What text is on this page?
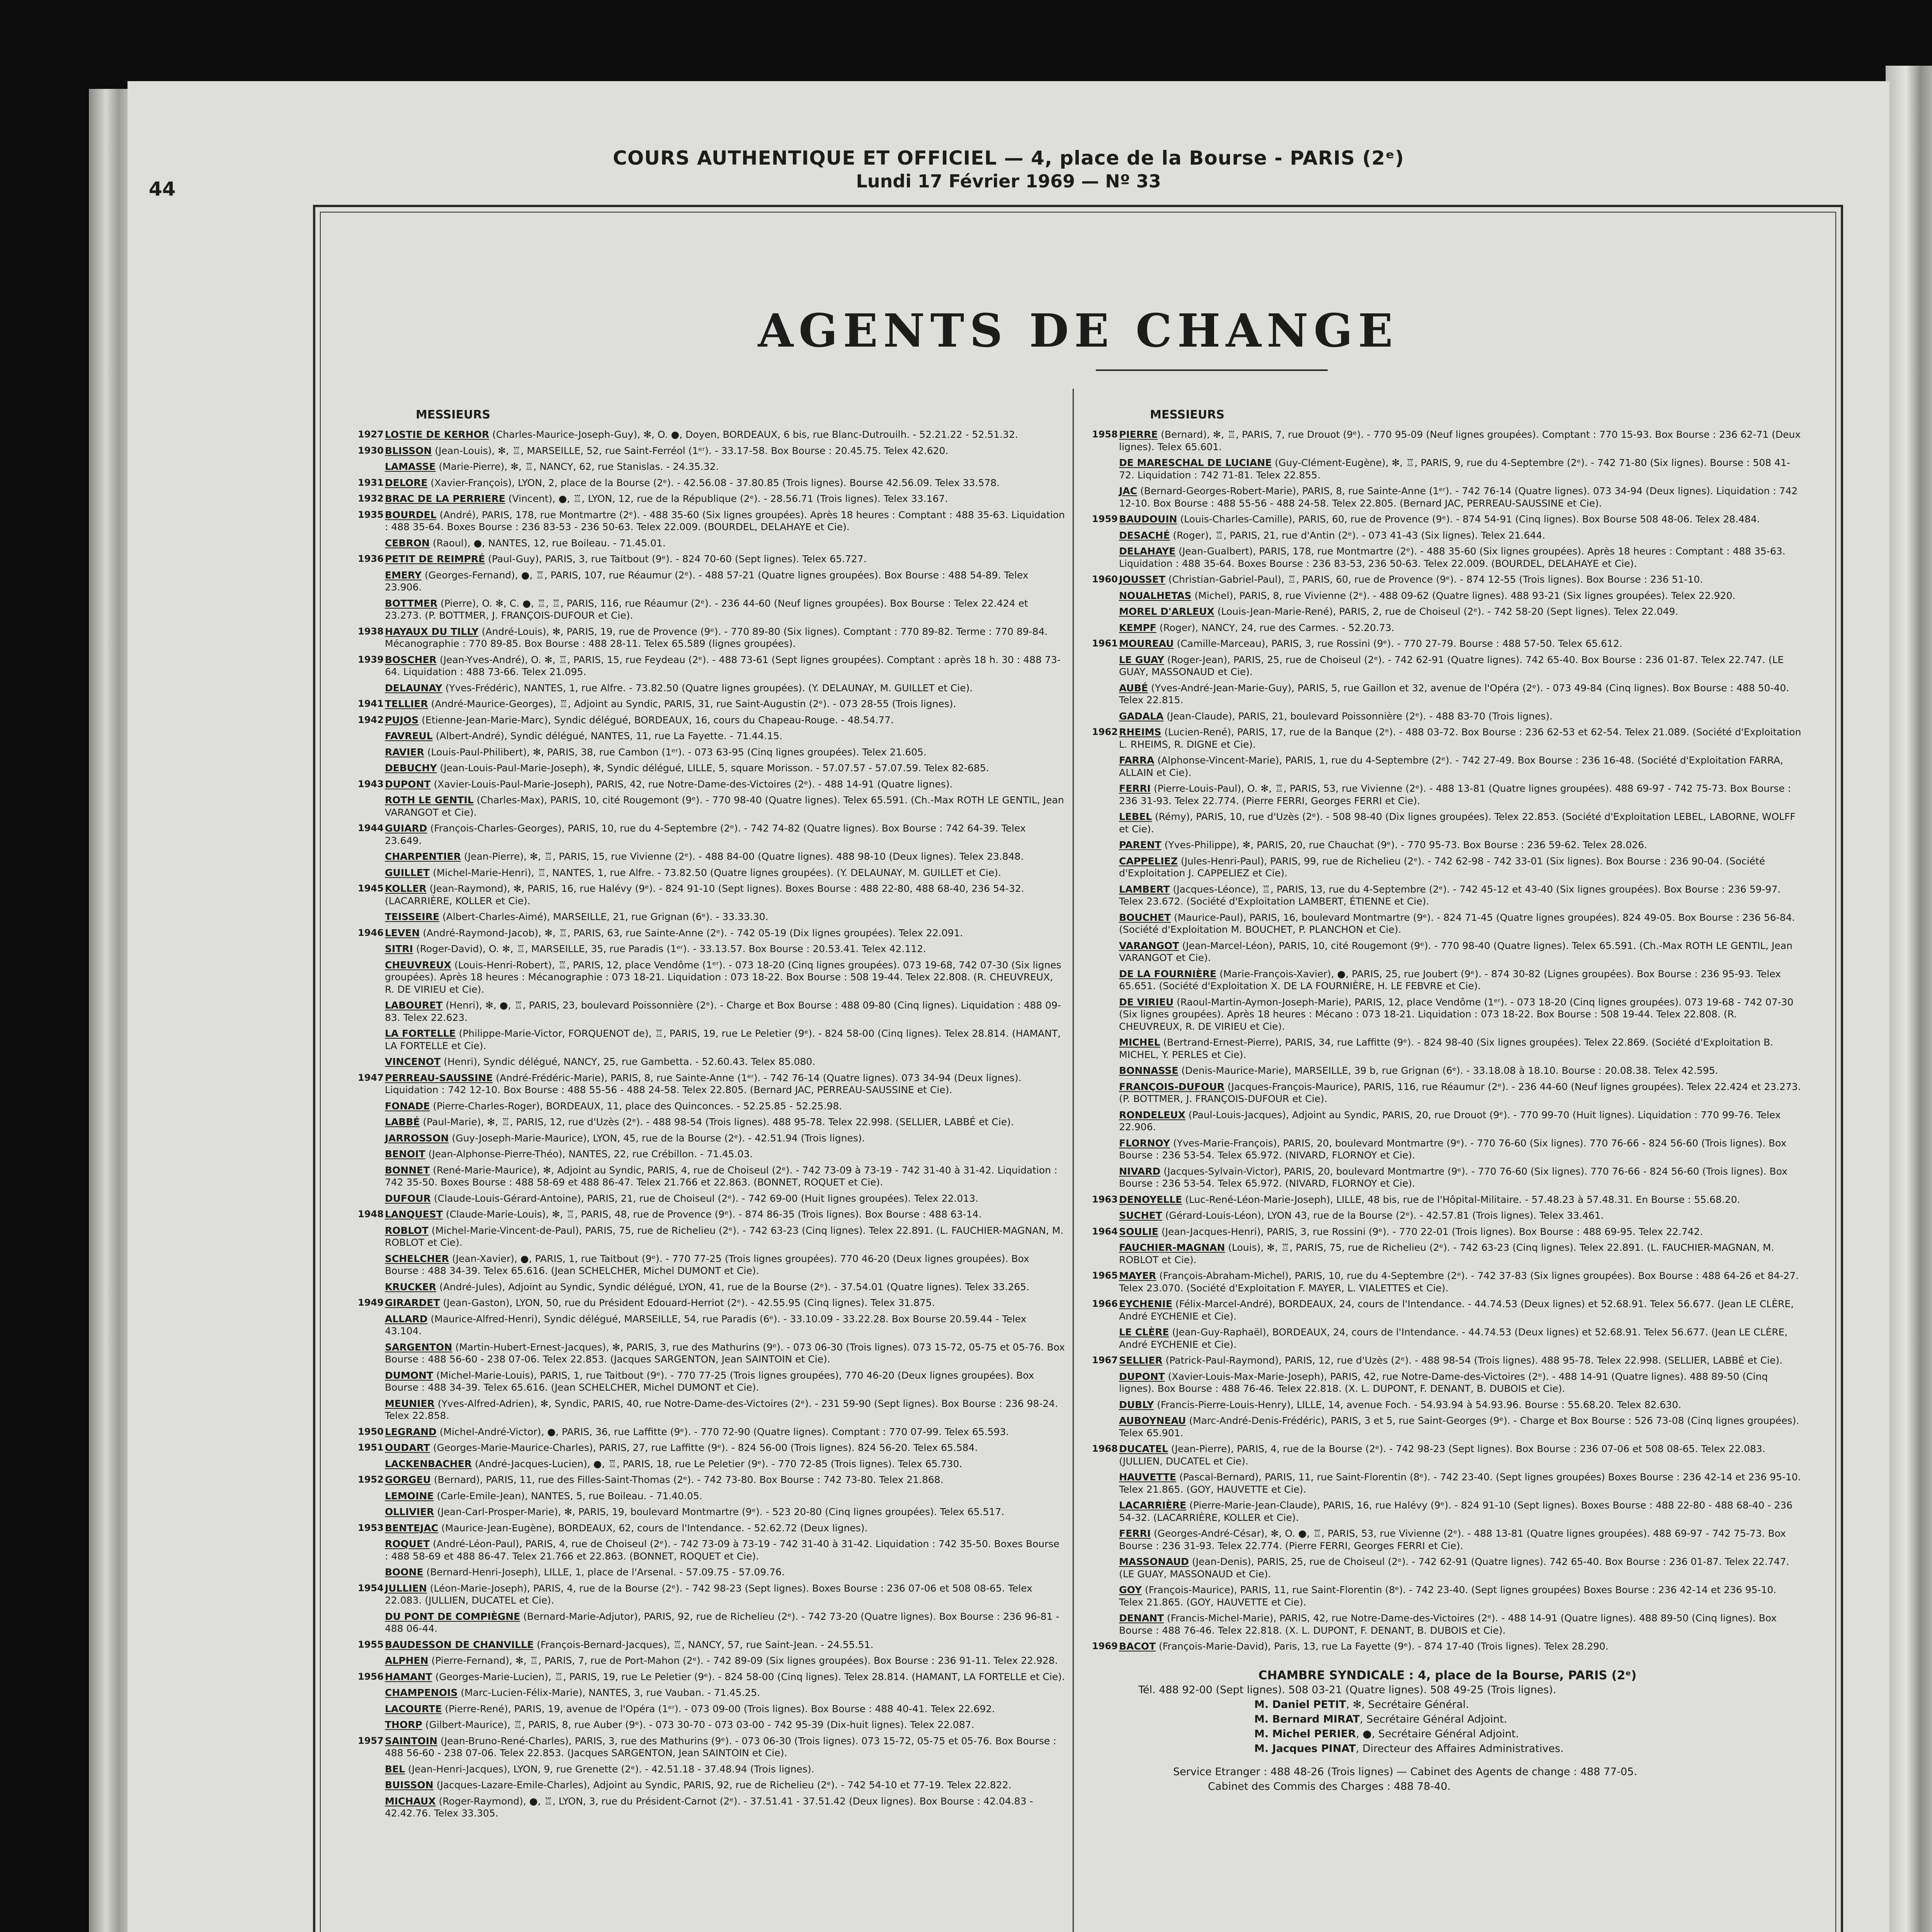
COURS AUTHENTIQUE ET OFFICIEL — 4, place de la Bourse - PARIS (2ᵉ)
Lundi 17 Février 1969 — Nº 33
44
AGENTS DE CHANGE
MESSIEURS
1927 LOSTIE DE KERHOR (Charles-Maurice-Joseph-Guy), ✻, O. ●, Doyen, BORDEAUX, 6 bis, rue Blanc-Dutrouilh. - 52.21.22 - 52.51.32.
1930 BLISSON (Jean-Louis), ✻, ♖, MARSEILLE, 52, rue Saint-Ferréol (1ᵉʳ). - 33.17-58. Box Bourse : 20.45.75. Telex 42.620.
LAMASSE (Marie-Pierre), ✻, ♖, NANCY, 62, rue Stanislas. - 24.35.32.
1931 DELORE (Xavier-François), LYON, 2, place de la Bourse (2ᵉ). - 42.56.08 - 37.80.85 (Trois lignes). Bourse 42.56.09. Telex 33.578.
1932 BRAC DE LA PERRIERE (Vincent), ●, ♖, LYON, 12, rue de la République (2ᵉ). - 28.56.71 (Trois lignes). Telex 33.167.
1935 BOURDEL (André), PARIS, 178, rue Montmartre (2ᵉ). - 488 35-60 (Six lignes groupées). Après 18 heures : Comptant : 488 35-63. Liquidation : 488 35-64. Boxes Bourse : 236 83-53 - 236 50-63. Telex 22.009. (BOURDEL, DELAHAYE et Cie).
CEBRON (Raoul), ●, NANTES, 12, rue Boileau. - 71.45.01.
1936 PETIT DE REIMPRÉ (Paul-Guy), PARIS, 3, rue Taitbout (9ᵉ). - 824 70-60 (Sept lignes). Telex 65.727.
EMERY (Georges-Fernand), ●, ♖, PARIS, 107, rue Réaumur (2ᵉ). - 488 57-21 (Quatre lignes groupées). Box Bourse : 488 54-89. Telex 23.906.
BOTTMER (Pierre), O. ✻, C. ●, ♖, ♖, PARIS, 116, rue Réaumur (2ᵉ). - 236 44-60 (Neuf lignes groupées). Box Bourse : Telex 22.424 et 23.273. (P. BOTTMER, J. FRANÇOIS-DUFOUR et Cie).
1938 HAYAUX DU TILLY (André-Louis), ✻, PARIS, 19, rue de Provence (9ᵉ). - 770 89-80 (Six lignes). Comptant : 770 89-82. Terme : 770 89-84. Mécanographie : 770 89-85. Box Bourse : 488 28-11. Telex 65.589 (lignes groupées).
1939 BOSCHER (Jean-Yves-André), O. ✻, ♖, PARIS, 15, rue Feydeau (2ᵉ). - 488 73-61 (Sept lignes groupées). Comptant : après 18 h. 30 : 488 73-64. Liquidation : 488 73-66. Telex 21.095.
DELAUNAY (Yves-Frédéric), NANTES, 1, rue Alfre. - 73.82.50 (Quatre lignes groupées). (Y. DELAUNAY, M. GUILLET et Cie).
1941 TELLIER (André-Maurice-Georges), ♖, Adjoint au Syndic, PARIS, 31, rue Saint-Augustin (2ᵉ). - 073 28-55 (Trois lignes).
1942 PUJOS (Etienne-Jean-Marie-Marc), Syndic délégué, BORDEAUX, 16, cours du Chapeau-Rouge. - 48.54.77.
FAVREUL (Albert-André), Syndic délégué, NANTES, 11, rue La Fayette. - 71.44.15.
RAVIER (Louis-Paul-Philibert), ✻, PARIS, 38, rue Cambon (1ᵉʳ). - 073 63-95 (Cinq lignes groupées). Telex 21.605.
DEBUCHY (Jean-Louis-Paul-Marie-Joseph), ✻, Syndic délégué, LILLE, 5, square Morisson. - 57.07.57 - 57.07.59. Telex 82-685.
1943 DUPONT (Xavier-Louis-Paul-Marie-Joseph), PARIS, 42, rue Notre-Dame-des-Victoires (2ᵉ). - 488 14-91 (Quatre lignes).
ROTH LE GENTIL (Charles-Max), PARIS, 10, cité Rougemont (9ᵉ). - 770 98-40 (Quatre lignes). Telex 65.591. (Ch.-Max ROTH LE GENTIL, Jean VARANGOT et Cie).
1944 GUIARD (François-Charles-Georges), PARIS, 10, rue du 4-Septembre (2ᵉ). - 742 74-82 (Quatre lignes). Box Bourse : 742 64-39. Telex 23.649.
CHARPENTIER (Jean-Pierre), ✻, ♖, PARIS, 15, rue Vivienne (2ᵉ). - 488 84-00 (Quatre lignes). 488 98-10 (Deux lignes). Telex 23.848.
GUILLET (Michel-Marie-Henri), ♖, NANTES, 1, rue Alfre. - 73.82.50 (Quatre lignes groupées). (Y. DELAUNAY, M. GUILLET et Cie).
1945 KOLLER (Jean-Raymond), ✻, PARIS, 16, rue Halévy (9ᵉ). - 824 91-10 (Sept lignes). Boxes Bourse : 488 22-80, 488 68-40, 236 54-32. (LACARRIÈRE, KOLLER et Cie).
TEISSEIRE (Albert-Charles-Aimé), MARSEILLE, 21, rue Grignan (6ᵉ). - 33.33.30.
1946 LEVEN (André-Raymond-Jacob), ✻, ♖, PARIS, 63, rue Sainte-Anne (2ᵉ). - 742 05-19 (Dix lignes groupées). Telex 22.091.
SITRI (Roger-David), O. ✻, ♖, MARSEILLE, 35, rue Paradis (1ᵉʳ). - 33.13.57. Box Bourse : 20.53.41. Telex 42.112.
CHEUVREUX (Louis-Henri-Robert), ♖, PARIS, 12, place Vendôme (1ᵉʳ). - 073 18-20 (Cinq lignes groupées). 073 19-68, 742 07-30 (Six lignes groupées). Après 18 heures : Mécanographie : 073 18-21. Liquidation : 073 18-22. Box Bourse : 508 19-44. Telex 22.808. (R. CHEUVREUX, R. DE VIRIEU et Cie).
LABOURET (Henri), ✻, ●, ♖, PARIS, 23, boulevard Poissonnière (2ᵉ). - Charge et Box Bourse : 488 09-80 (Cinq lignes). Liquidation : 488 09-83. Telex 22.623.
LA FORTELLE (Philippe-Marie-Victor, FORQUENOT de), ♖, PARIS, 19, rue Le Peletier (9ᵉ). - 824 58-00 (Cinq lignes). Telex 28.814. (HAMANT, LA FORTELLE et Cie).
VINCENOT (Henri), Syndic délégué, NANCY, 25, rue Gambetta. - 52.60.43. Telex 85.080.
1947 PERREAU-SAUSSINE (André-Frédéric-Marie), PARIS, 8, rue Sainte-Anne (1ᵉʳ). - 742 76-14 (Quatre lignes). 073 34-94 (Deux lignes). Liquidation : 742 12-10. Box Bourse : 488 55-56 - 488 24-58. Telex 22.805. (Bernard JAC, PERREAU-SAUSSINE et Cie).
FONADE (Pierre-Charles-Roger), BORDEAUX, 11, place des Quinconces. - 52.25.85 - 52.25.98.
LABBÉ (Paul-Marie), ✻, ♖, PARIS, 12, rue d'Uzès (2ᵉ). - 488 98-54 (Trois lignes). 488 95-78. Telex 22.998. (SELLIER, LABBÉ et Cie).
JARROSSON (Guy-Joseph-Marie-Maurice), LYON, 45, rue de la Bourse (2ᵉ). - 42.51.94 (Trois lignes).
BENOIT (Jean-Alphonse-Pierre-Théo), NANTES, 22, rue Crébillon. - 71.45.03.
BONNET (René-Marie-Maurice), ✻, Adjoint au Syndic, PARIS, 4, rue de Choiseul (2ᵉ). - 742 73-09 à 73-19 - 742 31-40 à 31-42. Liquidation : 742 35-50. Boxes Bourse : 488 58-69 et 488 86-47. Telex 21.766 et 22.863. (BONNET, ROQUET et Cie).
DUFOUR (Claude-Louis-Gérard-Antoine), PARIS, 21, rue de Choiseul (2ᵉ). - 742 69-00 (Huit lignes groupées). Telex 22.013.
1948 LANQUEST (Claude-Marie-Louis), ✻, ♖, PARIS, 48, rue de Provence (9ᵉ). - 874 86-35 (Trois lignes). Box Bourse : 488 63-14.
ROBLOT (Michel-Marie-Vincent-de-Paul), PARIS, 75, rue de Richelieu (2ᵉ). - 742 63-23 (Cinq lignes). Telex 22.891. (L. FAUCHIER-MAGNAN, M. ROBLOT et Cie).
SCHELCHER (Jean-Xavier), ●, PARIS, 1, rue Taitbout (9ᵉ). - 770 77-25 (Trois lignes groupées). 770 46-20 (Deux lignes groupées). Box Bourse : 488 34-39. Telex 65.616. (Jean SCHELCHER, Michel DUMONT et Cie).
KRUCKER (André-Jules), Adjoint au Syndic, Syndic délégué, LYON, 41, rue de la Bourse (2ᵉ). - 37.54.01 (Quatre lignes). Telex 33.265.
1949 GIRARDET (Jean-Gaston), LYON, 50, rue du Président Edouard-Herriot (2ᵉ). - 42.55.95 (Cinq lignes). Telex 31.875.
ALLARD (Maurice-Alfred-Henri), Syndic délégué, MARSEILLE, 54, rue Paradis (6ᵉ). - 33.10.09 - 33.22.28. Box Bourse 20.59.44 - Telex 43.104.
SARGENTON (Martin-Hubert-Ernest-Jacques), ✻, PARIS, 3, rue des Mathurins (9ᵉ). - 073 06-30 (Trois lignes). 073 15-72, 05-75 et 05-76. Box Bourse : 488 56-60 - 238 07-06. Telex 22.853. (Jacques SARGENTON, Jean SAINTOIN et Cie).
DUMONT (Michel-Marie-Louis), PARIS, 1, rue Taitbout (9ᵉ). - 770 77-25 (Trois lignes groupées), 770 46-20 (Deux lignes groupées). Box Bourse : 488 34-39. Telex 65.616. (Jean SCHELCHER, Michel DUMONT et Cie).
MEUNIER (Yves-Alfred-Adrien), ✻, Syndic, PARIS, 40, rue Notre-Dame-des-Victoires (2ᵉ). - 231 59-90 (Sept lignes). Box Bourse : 236 98-24. Telex 22.858.
1950 LEGRAND (Michel-André-Victor), ●, PARIS, 36, rue Laffitte (9ᵉ). - 770 72-90 (Quatre lignes). Comptant : 770 07-99. Telex 65.593.
1951 OUDART (Georges-Marie-Maurice-Charles), PARIS, 27, rue Laffitte (9ᵉ). - 824 56-00 (Trois lignes). 824 56-20. Telex 65.584.
LACKENBACHER (André-Jacques-Lucien), ●, ♖, PARIS, 18, rue Le Peletier (9ᵉ). - 770 72-85 (Trois lignes). Telex 65.730.
1952 GORGEU (Bernard), PARIS, 11, rue des Filles-Saint-Thomas (2ᵉ). - 742 73-80. Box Bourse : 742 73-80. Telex 21.868.
LEMOINE (Carle-Emile-Jean), NANTES, 5, rue Boileau. - 71.40.05.
OLLIVIER (Jean-Carl-Prosper-Marie), ✻, PARIS, 19, boulevard Montmartre (9ᵉ). - 523 20-80 (Cinq lignes groupées). Telex 65.517.
1953 BENTEJAC (Maurice-Jean-Eugène), BORDEAUX, 62, cours de l'Intendance. - 52.62.72 (Deux lignes).
ROQUET (André-Léon-Paul), PARIS, 4, rue de Choiseul (2ᵉ). - 742 73-09 à 73-19 - 742 31-40 à 31-42. Liquidation : 742 35-50. Boxes Bourse : 488 58-69 et 488 86-47. Telex 21.766 et 22.863. (BONNET, ROQUET et Cie).
BOONE (Bernard-Henri-Joseph), LILLE, 1, place de l'Arsenal. - 57.09.75 - 57.09.76.
1954 JULLIEN (Léon-Marie-Joseph), PARIS, 4, rue de la Bourse (2ᵉ). - 742 98-23 (Sept lignes). Boxes Bourse : 236 07-06 et 508 08-65. Telex 22.083. (JULLIEN, DUCATEL et Cie).
DU PONT DE COMPIÈGNE (Bernard-Marie-Adjutor), PARIS, 92, rue de Richelieu (2ᵉ). - 742 73-20 (Quatre lignes). Box Bourse : 236 96-81 - 488 06-44.
1955 BAUDESSON DE CHANVILLE (François-Bernard-Jacques), ♖, NANCY, 57, rue Saint-Jean. - 24.55.51.
ALPHEN (Pierre-Fernand), ✻, ♖, PARIS, 7, rue de Port-Mahon (2ᵉ). - 742 89-09 (Six lignes groupées). Box Bourse : 236 91-11. Telex 22.928.
1956 HAMANT (Georges-Marie-Lucien), ♖, PARIS, 19, rue Le Peletier (9ᵉ). - 824 58-00 (Cinq lignes). Telex 28.814. (HAMANT, LA FORTELLE et Cie).
CHAMPENOIS (Marc-Lucien-Félix-Marie), NANTES, 3, rue Vauban. - 71.45.25.
LACOURTE (Pierre-René), PARIS, 19, avenue de l'Opéra (1ᵉʳ). - 073 09-00 (Trois lignes). Box Bourse : 488 40-41. Telex 22.692.
THORP (Gilbert-Maurice), ♖, PARIS, 8, rue Auber (9ᵉ). - 073 30-70 - 073 03-00 - 742 95-39 (Dix-huit lignes). Telex 22.087.
1957 SAINTOIN (Jean-Bruno-René-Charles), PARIS, 3, rue des Mathurins (9ᵉ). - 073 06-30 (Trois lignes). 073 15-72, 05-75 et 05-76. Box Bourse : 488 56-60 - 238 07-06. Telex 22.853. (Jacques SARGENTON, Jean SAINTOIN et Cie).
BEL (Jean-Henri-Jacques), LYON, 9, rue Grenette (2ᵉ). - 42.51.18 - 37.48.94 (Trois lignes).
BUISSON (Jacques-Lazare-Emile-Charles), Adjoint au Syndic, PARIS, 92, rue de Richelieu (2ᵉ). - 742 54-10 et 77-19. Telex 22.822.
MICHAUX (Roger-Raymond), ●, ♖, LYON, 3, rue du Président-Carnot (2ᵉ). - 37.51.41 - 37.51.42 (Deux lignes). Box Bourse : 42.04.83 - 42.42.76. Telex 33.305.
MESSIEURS
1958 PIERRE (Bernard), ✻, ♖, PARIS, 7, rue Drouot (9ᵉ). - 770 95-09 (Neuf lignes groupées). Comptant : 770 15-93. Box Bourse : 236 62-71 (Deux lignes). Telex 65.601.
DE MARESCHAL DE LUCIANE (Guy-Clément-Eugène), ✻, ♖, PARIS, 9, rue du 4-Septembre (2ᵉ). - 742 71-80 (Six lignes). Bourse : 508 41-72. Liquidation : 742 71-81. Telex 22.855.
JAC (Bernard-Georges-Robert-Marie), PARIS, 8, rue Sainte-Anne (1ᵉʳ). - 742 76-14 (Quatre lignes). 073 34-94 (Deux lignes). Liquidation : 742 12-10. Box Bourse : 488 55-56 - 488 24-58. Telex 22.805. (Bernard JAC, PERREAU-SAUSSINE et Cie).
1959 BAUDOUIN (Louis-Charles-Camille), PARIS, 60, rue de Provence (9ᵉ). - 874 54-91 (Cinq lignes). Box Bourse 508 48-06. Telex 28.484.
DESACHÉ (Roger), ♖, PARIS, 21, rue d'Antin (2ᵉ). - 073 41-43 (Six lignes). Telex 21.644.
DELAHAYE (Jean-Gualbert), PARIS, 178, rue Montmartre (2ᵉ). - 488 35-60 (Six lignes groupées). Après 18 heures : Comptant : 488 35-63. Liquidation : 488 35-64. Boxes Bourse : 236 83-53, 236 50-63. Telex 22.009. (BOURDEL, DELAHAYE et Cie).
1960 JOUSSET (Christian-Gabriel-Paul), ♖, PARIS, 60, rue de Provence (9ᵉ). - 874 12-55 (Trois lignes). Box Bourse : 236 51-10.
NOUALHETAS (Michel), PARIS, 8, rue Vivienne (2ᵉ). - 488 09-62 (Quatre lignes). 488 93-21 (Six lignes groupées). Telex 22.920.
MOREL D'ARLEUX (Louis-Jean-Marie-René), PARIS, 2, rue de Choiseul (2ᵉ). - 742 58-20 (Sept lignes). Telex 22.049.
KEMPF (Roger), NANCY, 24, rue des Carmes. - 52.20.73.
1961 MOUREAU (Camille-Marceau), PARIS, 3, rue Rossini (9ᵉ). - 770 27-79. Bourse : 488 57-50. Telex 65.612.
LE GUAY (Roger-Jean), PARIS, 25, rue de Choiseul (2ᵉ). - 742 62-91 (Quatre lignes). 742 65-40. Box Bourse : 236 01-87. Telex 22.747. (LE GUAY, MASSONAUD et Cie).
AUBÉ (Yves-André-Jean-Marie-Guy), PARIS, 5, rue Gaillon et 32, avenue de l'Opéra (2ᵉ). - 073 49-84 (Cinq lignes). Box Bourse : 488 50-40. Telex 22.815.
GADALA (Jean-Claude), PARIS, 21, boulevard Poissonnière (2ᵉ). - 488 83-70 (Trois lignes).
1962 RHEIMS (Lucien-René), PARIS, 17, rue de la Banque (2ᵉ). - 488 03-72. Box Bourse : 236 62-53 et 62-54. Telex 21.089. (Société d'Exploitation L. RHEIMS, R. DIGNE et Cie).
FARRA (Alphonse-Vincent-Marie), PARIS, 1, rue du 4-Septembre (2ᵉ). - 742 27-49. Box Bourse : 236 16-48. (Société d'Exploitation FARRA, ALLAIN et Cie).
FERRI (Pierre-Louis-Paul), O. ✻, ♖, PARIS, 53, rue Vivienne (2ᵉ). - 488 13-81 (Quatre lignes groupées). 488 69-97 - 742 75-73. Box Bourse : 236 31-93. Telex 22.774. (Pierre FERRI, Georges FERRI et Cie).
LEBEL (Rémy), PARIS, 10, rue d'Uzès (2ᵉ). - 508 98-40 (Dix lignes groupées). Telex 22.853. (Société d'Exploitation LEBEL, LABORNE, WOLFF et Cie).
PARENT (Yves-Philippe), ✻, PARIS, 20, rue Chauchat (9ᵉ). - 770 95-73. Box Bourse : 236 59-62. Telex 28.026.
CAPPELIEZ (Jules-Henri-Paul), PARIS, 99, rue de Richelieu (2ᵉ). - 742 62-98 - 742 33-01 (Six lignes). Box Bourse : 236 90-04. (Société d'Exploitation J. CAPPELIEZ et Cie).
LAMBERT (Jacques-Léonce), ♖, PARIS, 13, rue du 4-Septembre (2ᵉ). - 742 45-12 et 43-40 (Six lignes groupées). Box Bourse : 236 59-97. Telex 23.672. (Société d'Exploitation LAMBERT, ÉTIENNE et Cie).
BOUCHET (Maurice-Paul), PARIS, 16, boulevard Montmartre (9ᵉ). - 824 71-45 (Quatre lignes groupées). 824 49-05. Box Bourse : 236 56-84. (Société d'Exploitation M. BOUCHET, P. PLANCHON et Cie).
VARANGOT (Jean-Marcel-Léon), PARIS, 10, cité Rougemont (9ᵉ). - 770 98-40 (Quatre lignes). Telex 65.591. (Ch.-Max ROTH LE GENTIL, Jean VARANGOT et Cie).
DE LA FOURNIÈRE (Marie-François-Xavier), ●, PARIS, 25, rue Joubert (9ᵉ). - 874 30-82 (Lignes groupées). Box Bourse : 236 95-93. Telex 65.651. (Société d'Exploitation X. DE LA FOURNIÈRE, H. LE FEBVRE et Cie).
DE VIRIEU (Raoul-Martin-Aymon-Joseph-Marie), PARIS, 12, place Vendôme (1ᵉʳ). - 073 18-20 (Cinq lignes groupées). 073 19-68 - 742 07-30 (Six lignes groupées). Après 18 heures : Mécano : 073 18-21. Liquidation : 073 18-22. Box Bourse : 508 19-44. Telex 22.808. (R. CHEUVREUX, R. DE VIRIEU et Cie).
MICHEL (Bertrand-Ernest-Pierre), PARIS, 34, rue Laffitte (9ᵉ). - 824 98-40 (Six lignes groupées). Telex 22.869. (Société d'Exploitation B. MICHEL, Y. PERLES et Cie).
BONNASSE (Denis-Maurice-Marie), MARSEILLE, 39 b, rue Grignan (6ᵉ). - 33.18.08 à 18.10. Bourse : 20.08.38. Telex 42.595.
FRANÇOIS-DUFOUR (Jacques-François-Maurice), PARIS, 116, rue Réaumur (2ᵉ). - 236 44-60 (Neuf lignes groupées). Telex 22.424 et 23.273. (P. BOTTMER, J. FRANÇOIS-DUFOUR et Cie).
RONDELEUX (Paul-Louis-Jacques), Adjoint au Syndic, PARIS, 20, rue Drouot (9ᵉ). - 770 99-70 (Huit lignes). Liquidation : 770 99-76. Telex 22.906.
FLORNOY (Yves-Marie-François), PARIS, 20, boulevard Montmartre (9ᵉ). - 770 76-60 (Six lignes). 770 76-66 - 824 56-60 (Trois lignes). Box Bourse : 236 53-54. Telex 65.972. (NIVARD, FLORNOY et Cie).
NIVARD (Jacques-Sylvain-Victor), PARIS, 20, boulevard Montmartre (9ᵉ). - 770 76-60 (Six lignes). 770 76-66 - 824 56-60 (Trois lignes). Box Bourse : 236 53-54. Telex 65.972. (NIVARD, FLORNOY et Cie).
1963 DENOYELLE (Luc-René-Léon-Marie-Joseph), LILLE, 48 bis, rue de l'Hôpital-Militaire. - 57.48.23 à 57.48.31. En Bourse : 55.68.20.
SUCHET (Gérard-Louis-Léon), LYON 43, rue de la Bourse (2ᵉ). - 42.57.81 (Trois lignes). Telex 33.461.
1964 SOULIE (Jean-Jacques-Henri), PARIS, 3, rue Rossini (9ᵉ). - 770 22-01 (Trois lignes). Box Bourse : 488 69-95. Telex 22.742.
FAUCHIER-MAGNAN (Louis), ✻, ♖, PARIS, 75, rue de Richelieu (2ᵉ). - 742 63-23 (Cinq lignes). Telex 22.891. (L. FAUCHIER-MAGNAN, M. ROBLOT et Cie).
1965 MAYER (François-Abraham-Michel), PARIS, 10, rue du 4-Septembre (2ᵉ). - 742 37-83 (Six lignes groupées). Box Bourse : 488 64-26 et 84-27. Telex 23.070. (Société d'Exploitation F. MAYER, L. VIALETTES et Cie).
1966 EYCHENIE (Félix-Marcel-André), BORDEAUX, 24, cours de l'Intendance. - 44.74.53 (Deux lignes) et 52.68.91. Telex 56.677. (Jean LE CLÈRE, André EYCHENIE et Cie).
LE CLÈRE (Jean-Guy-Raphaël), BORDEAUX, 24, cours de l'Intendance. - 44.74.53 (Deux lignes) et 52.68.91. Telex 56.677. (Jean LE CLÈRE, André EYCHENIE et Cie).
1967 SELLIER (Patrick-Paul-Raymond), PARIS, 12, rue d'Uzès (2ᵉ). - 488 98-54 (Trois lignes). 488 95-78. Telex 22.998. (SELLIER, LABBÉ et Cie).
DUPONT (Xavier-Louis-Max-Marie-Joseph), PARIS, 42, rue Notre-Dame-des-Victoires (2ᵉ). - 488 14-91 (Quatre lignes). 488 89-50 (Cinq lignes). Box Bourse : 488 76-46. Telex 22.818. (X. L. DUPONT, F. DENANT, B. DUBOIS et Cie).
DUBLY (Francis-Pierre-Louis-Henry), LILLE, 14, avenue Foch. - 54.93.94 à 54.93.96. Bourse : 55.68.20. Telex 82.630.
AUBOYNEAU (Marc-André-Denis-Frédéric), PARIS, 3 et 5, rue Saint-Georges (9ᵉ). - Charge et Box Bourse : 526 73-08 (Cinq lignes groupées). Telex 65.901.
1968 DUCATEL (Jean-Pierre), PARIS, 4, rue de la Bourse (2ᵉ). - 742 98-23 (Sept lignes). Box Bourse : 236 07-06 et 508 08-65. Telex 22.083. (JULLIEN, DUCATEL et Cie).
HAUVETTE (Pascal-Bernard), PARIS, 11, rue Saint-Florentin (8ᵉ). - 742 23-40. (Sept lignes groupées) Boxes Bourse : 236 42-14 et 236 95-10. Telex 21.865. (GOY, HAUVETTE et Cie).
LACARRIÈRE (Pierre-Marie-Jean-Claude), PARIS, 16, rue Halévy (9ᵉ). - 824 91-10 (Sept lignes). Boxes Bourse : 488 22-80 - 488 68-40 - 236 54-32. (LACARRIÈRE, KOLLER et Cie).
FERRI (Georges-André-César), ✻, O. ●, ♖, PARIS, 53, rue Vivienne (2ᵉ). - 488 13-81 (Quatre lignes groupées). 488 69-97 - 742 75-73. Box Bourse : 236 31-93. Telex 22.774. (Pierre FERRI, Georges FERRI et Cie).
MASSONAUD (Jean-Denis), PARIS, 25, rue de Choiseul (2ᵉ). - 742 62-91 (Quatre lignes). 742 65-40. Box Bourse : 236 01-87. Telex 22.747. (LE GUAY, MASSONAUD et Cie).
GOY (François-Maurice), PARIS, 11, rue Saint-Florentin (8ᵉ). - 742 23-40. (Sept lignes groupées) Boxes Bourse : 236 42-14 et 236 95-10. Telex 21.865. (GOY, HAUVETTE et Cie).
DENANT (Francis-Michel-Marie), PARIS, 42, rue Notre-Dame-des-Victoires (2ᵉ). - 488 14-91 (Quatre lignes). 488 89-50 (Cinq lignes). Box Bourse : 488 76-46. Telex 22.818. (X. L. DUPONT, F. DENANT, B. DUBOIS et Cie).
1969 BACOT (François-Marie-David), Paris, 13, rue La Fayette (9ᵉ). - 874 17-40 (Trois lignes). Telex 28.290.
CHAMBRE SYNDICALE : 4, place de la Bourse, PARIS (2ᵉ)
Tél. 488 92-00 (Sept lignes). 508 03-21 (Quatre lignes). 508 49-25 (Trois lignes).
M. Daniel PETIT, ✻, Secrétaire Général.
M. Bernard MIRAT, Secrétaire Général Adjoint.
M. Michel PERIER, ●, Secrétaire Général Adjoint.
M. Jacques PINAT, Directeur des Affaires Administratives.
Service Etranger : 488 48-26 (Trois lignes) — Cabinet des Agents de change : 488 77-05.
Cabinet des Commis des Charges : 488 78-40.
